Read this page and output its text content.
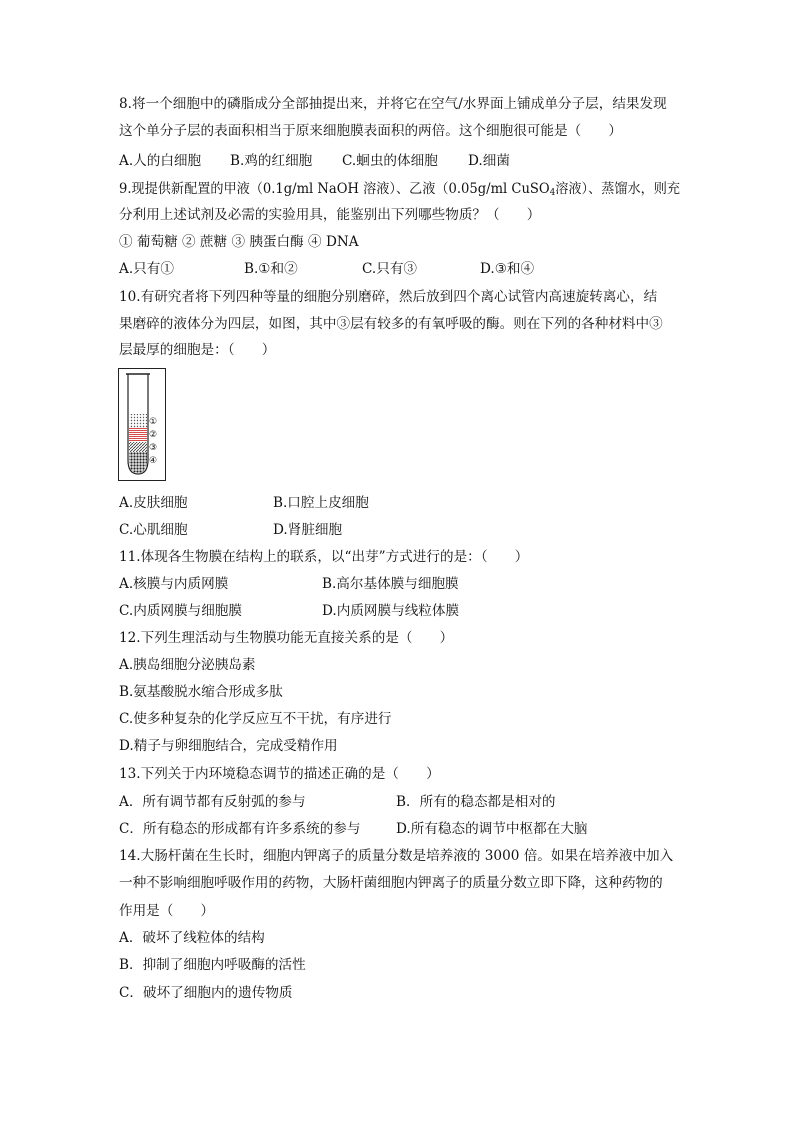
8.将一个细胞中的磷脂成分全部抽提出来，并将它在空气/水界面上铺成单分子层，结果发现
这个单分子层的表面积相当于原来细胞膜表面积的两倍。这个细胞很可能是（　　）
A.人的白细胞 B.鸡的红细胞 C.蛔虫的体细胞 D.细菌
9.现提供新配置的甲液（0.1g/ml NaOH 溶液）、乙液（0.05g/ml CuSO$_4$溶液）、蒸馏水，则充
分利用上述试剂及必需的实验用具，能鉴别出下列哪些物质？（　　）
① 葡萄糖 ② 蔗糖 ③ 胰蛋白酶 ④ DNA
A.只有①	B.①和②	C.只有③	D.③和④
10.有研究者将下列四种等量的细胞分别磨碎，然后放到四个离心试管内高速旋转离心，结
果磨碎的液体分为四层，如图，其中③层有较多的有氧呼吸的酶。则在下列的各种材料中③
层最厚的细胞是：（　　）
①
②
③
④
A.皮肤细胞	B.口腔上皮细胞
C.心肌细胞	D.肾脏细胞
11.体现各生物膜在结构上的联系，以“出芽”方式进行的是：（　　）
A.核膜与内质网膜	B.高尔基体膜与细胞膜
C.内质网膜与细胞膜	D.内质网膜与线粒体膜
12.下列生理活动与生物膜功能无直接关系的是（　　）
A.胰岛细胞分泌胰岛素
B.氨基酸脱水缩合形成多肽
C.使多种复杂的化学反应互不干扰，有序进行
D.精子与卵细胞结合，完成受精作用
13.下列关于内环境稳态调节的描述正确的是（　　）
A．所有调节都有反射弧的参与	B．所有的稳态都是相对的
C．所有稳态的形成都有许多系统的参与	D.所有稳态的调节中枢都在大脑
14.大肠杆菌在生长时，细胞内钾离子的质量分数是培养液的 3000 倍。如果在培养液中加入
一种不影响细胞呼吸作用的药物，大肠杆菌细胞内钾离子的质量分数立即下降，这种药物的
作用是（　　）
A．破坏了线粒体的结构
B．抑制了细胞内呼吸酶的活性
C．破坏了细胞内的遗传物质
